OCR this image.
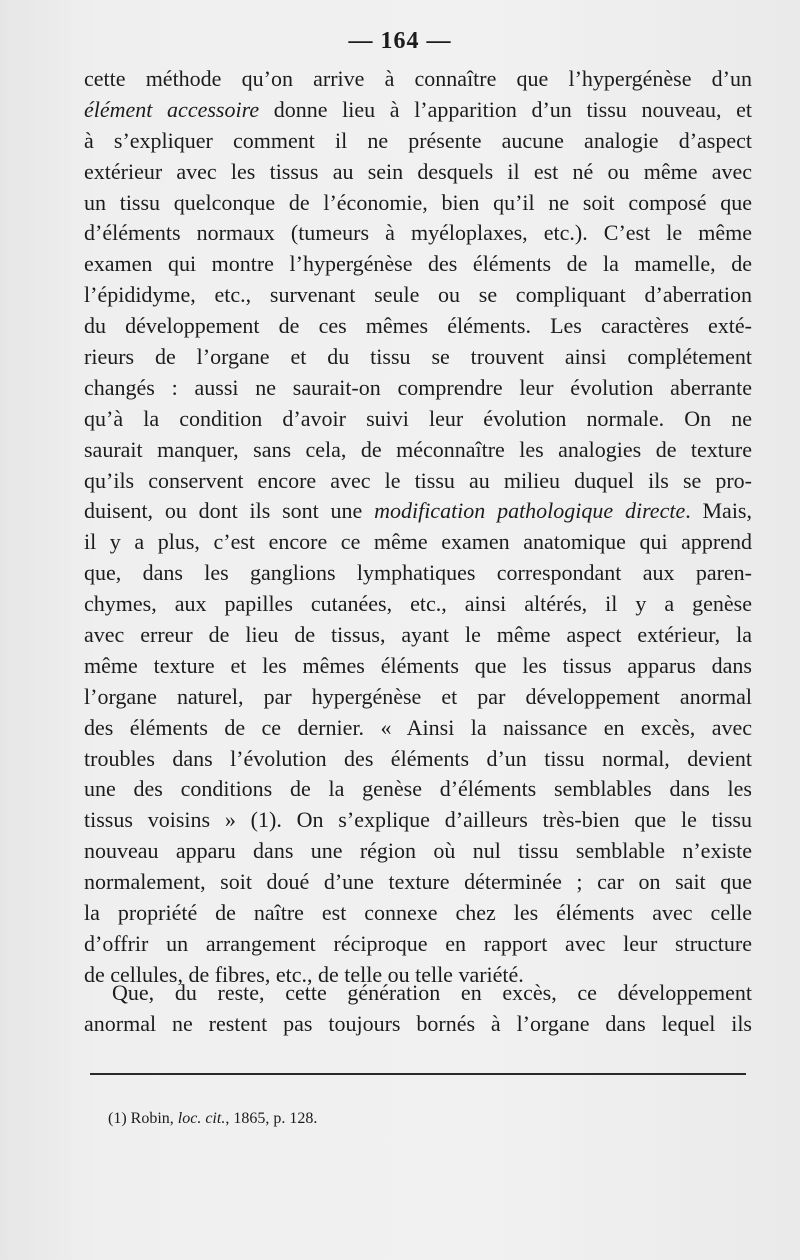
— 164 —
cette méthode qu’on arrive à connaître que l’hypergénèse d’un
élément accessoire donne lieu à l’apparition d’un tissu nouveau, et
à s’expliquer comment il ne présente aucune analogie d’aspect
extérieur avec les tissus au sein desquels il est né ou même avec
un tissu quelconque de l’économie, bien qu’il ne soit composé que
d’éléments normaux (tumeurs à myéloplaxes, etc.). C’est le même
examen qui montre l’hypergénèse des éléments de la mamelle, de
l’épididyme, etc., survenant seule ou se compliquant d’aberration
du développement de ces mêmes éléments. Les caractères exté-
rieurs de l’organe et du tissu se trouvent ainsi complétement
changés : aussi ne saurait-on comprendre leur évolution aberrante
qu’à la condition d’avoir suivi leur évolution normale. On ne
saurait manquer, sans cela, de méconnaître les analogies de texture
qu’ils conservent encore avec le tissu au milieu duquel ils se pro-
duisent, ou dont ils sont une modification pathologique directe. Mais,
il y a plus, c’est encore ce même examen anatomique qui apprend
que, dans les ganglions lymphatiques correspondant aux paren-
chymes, aux papilles cutanées, etc., ainsi altérés, il y a genèse
avec erreur de lieu de tissus, ayant le même aspect extérieur, la
même texture et les mêmes éléments que les tissus apparus dans
l’organe naturel, par hypergénèse et par développement anormal
des éléments de ce dernier. « Ainsi la naissance en excès, avec
troubles dans l’évolution des éléments d’un tissu normal, devient
une des conditions de la genèse d’éléments semblables dans les
tissus voisins » (1). On s’explique d’ailleurs très-bien que le tissu
nouveau apparu dans une région où nul tissu semblable n’existe
normalement, soit doué d’une texture déterminée ; car on sait que
la propriété de naître est connexe chez les éléments avec celle
d’offrir un arrangement réciproque en rapport avec leur structure
de cellules, de fibres, etc., de telle ou telle variété.
Que, du reste, cette génération en excès, ce développement
anormal ne restent pas toujours bornés à l’organe dans lequel ils
(1) Robin, loc. cit., 1865, p. 128.
